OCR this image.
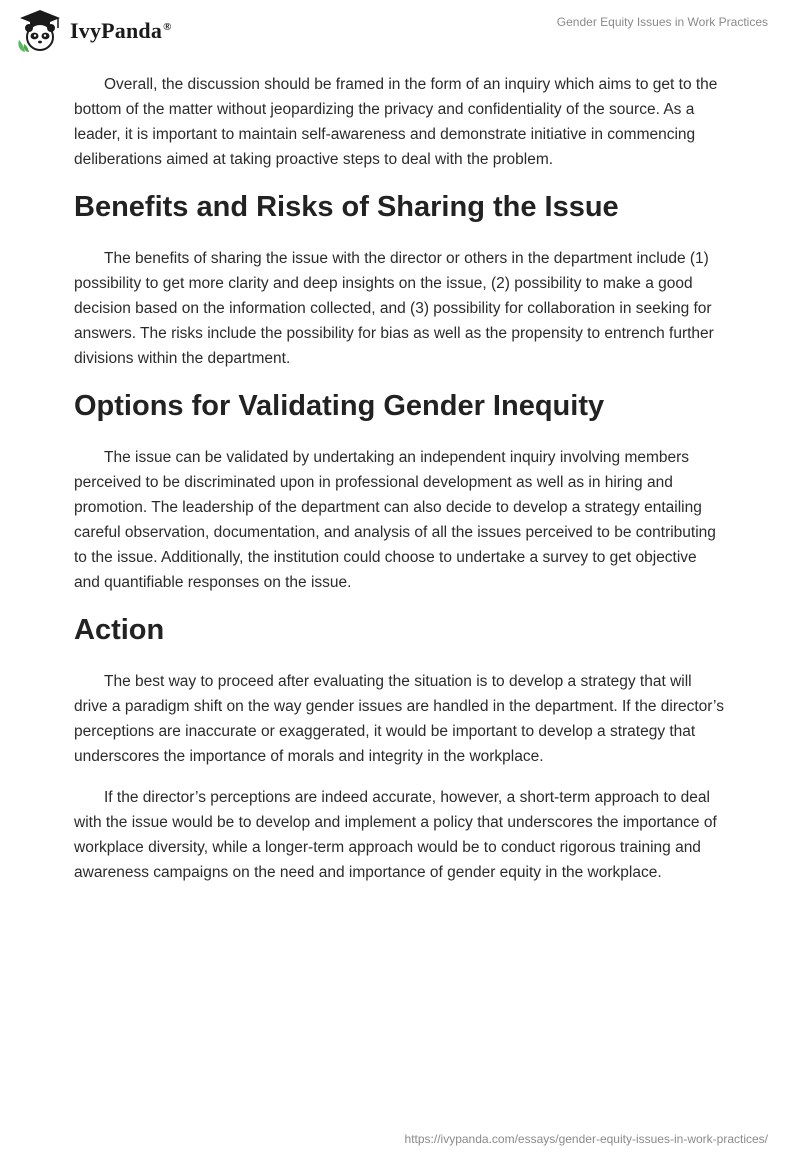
IvyPanda®	Gender Equity Issues in Work Practices

Overall, the discussion should be framed in the form of an inquiry which aims to get to the bottom of the matter without jeopardizing the privacy and confidentiality of the source. As a leader, it is important to maintain self-awareness and demonstrate initiative in commencing deliberations aimed at taking proactive steps to deal with the problem.

Benefits and Risks of Sharing the Issue

The benefits of sharing the issue with the director or others in the department include (1) possibility to get more clarity and deep insights on the issue, (2) possibility to make a good decision based on the information collected, and (3) possibility for collaboration in seeking for answers. The risks include the possibility for bias as well as the propensity to entrench further divisions within the department.

Options for Validating Gender Inequity

The issue can be validated by undertaking an independent inquiry involving members perceived to be discriminated upon in professional development as well as in hiring and promotion. The leadership of the department can also decide to develop a strategy entailing careful observation, documentation, and analysis of all the issues perceived to be contributing to the issue. Additionally, the institution could choose to undertake a survey to get objective and quantifiable responses on the issue.

Action

The best way to proceed after evaluating the situation is to develop a strategy that will drive a paradigm shift on the way gender issues are handled in the department. If the director’s perceptions are inaccurate or exaggerated, it would be important to develop a strategy that underscores the importance of morals and integrity in the workplace.

If the director’s perceptions are indeed accurate, however, a short-term approach to deal with the issue would be to develop and implement a policy that underscores the importance of workplace diversity, while a longer-term approach would be to conduct rigorous training and awareness campaigns on the need and importance of gender equity in the workplace.

https://ivypanda.com/essays/gender-equity-issues-in-work-practices/
